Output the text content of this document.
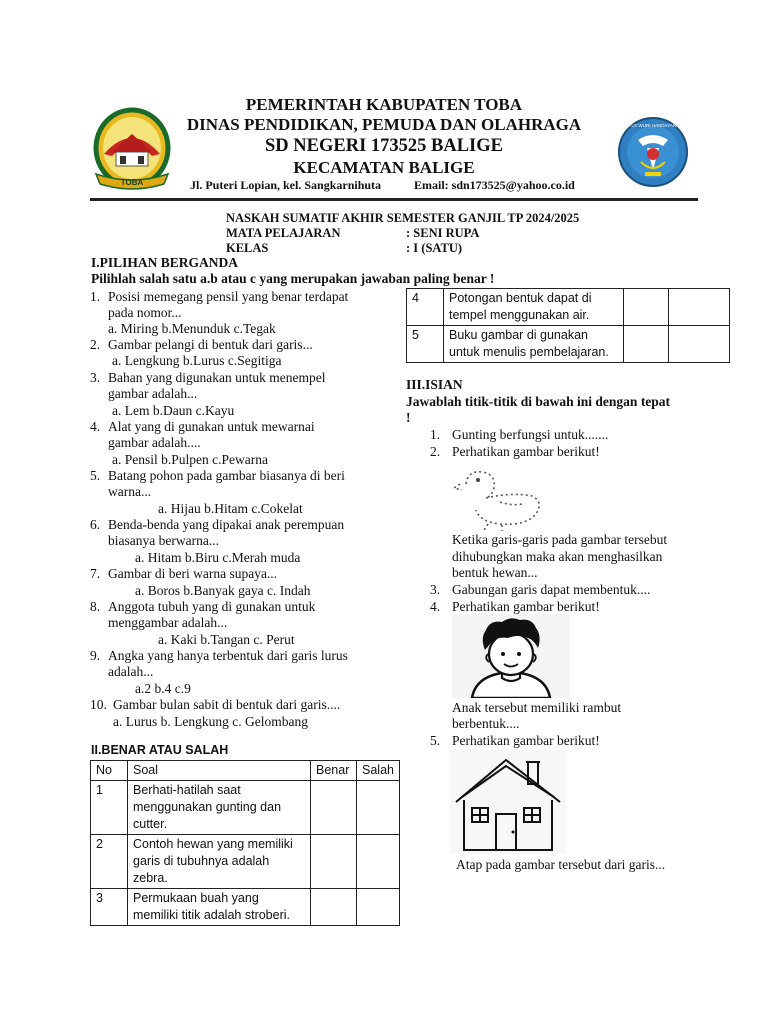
TOBA
PEMERINTAH KABUPATEN TOBA
DINAS PENDIDIKAN, PEMUDA DAN OLAHRAGA
SD NEGERI 173525 BALIGE
KECAMATAN BALIGE
Jl. Puteri Lopian, kel. Sangkarnihuta	Email: sdn173525@yahoo.co.id
TUT WURI HANDAYANI
NASKAH SUMATIF AKHIR SEMESTER GANJIL TP 2024/2025
MATA PELAJARAN	: SENI RUPA
KELAS	: I (SATU)
I.PILIHAN BERGANDA
Pilihlah salah satu a.b atau c yang merupakan jawaban paling benar !
1. Posisi memegang pensil yang benar terdapat
pada nomor...
a. Miring b.Menunduk c.Tegak
2. Gambar pelangi di bentuk dari garis...
a. Lengkung b.Lurus c.Segitiga
3. Bahan yang digunakan untuk menempel
gambar adalah...
a. Lem b.Daun c.Kayu
4. Alat yang di gunakan untuk mewarnai
gambar adalah....
a. Pensil b.Pulpen c.Pewarna
5. Batang pohon pada gambar biasanya di beri
warna...
a. Hijau b.Hitam c.Cokelat
6. Benda-benda yang dipakai anak perempuan
biasanya berwarna...
a. Hitam b.Biru c.Merah muda
7. Gambar di beri warna supaya...
a. Boros b.Banyak gaya c. Indah
8. Anggota tubuh yang di gunakan untuk
menggambar adalah...
a. Kaki b.Tangan c. Perut
9. Angka yang hanya terbentuk dari garis lurus
adalah...
a.2 b.4 c.9
10. Gambar bulan sabit di bentuk dari garis....
a. Lurus b. Lengkung c. Gelombang
II.BENAR ATAU SALAH
No	Soal	Benar	Salah
1	Berhati-hatilah saat
menggunakan gunting dan
cutter.		

2	Contoh hewan yang memiliki
garis di tubuhnya adalah
zebra.		

3	Permukaan buah yang
memiliki titik adalah stroberi.		

4	Potongan bentuk dapat di
tempel menggunakan air.		

5	Buku gambar di gunakan
untuk menulis pembelajaran.		

III.ISIAN
Jawablah titik-titik di bawah ini dengan tepat
!
1. Gunting berfungsi untuk.......
2. Perhatikan gambar berikut!
Ketika garis-garis pada gambar tersebut
dihubungkan maka akan menghasilkan
bentuk hewan...
3. Gabungan garis dapat membentuk....
4. Perhatikan gambar berikut!
Anak tersebut memiliki rambut
berbentuk....
5. Perhatikan gambar berikut!
Atap pada gambar tersebut dari garis...
